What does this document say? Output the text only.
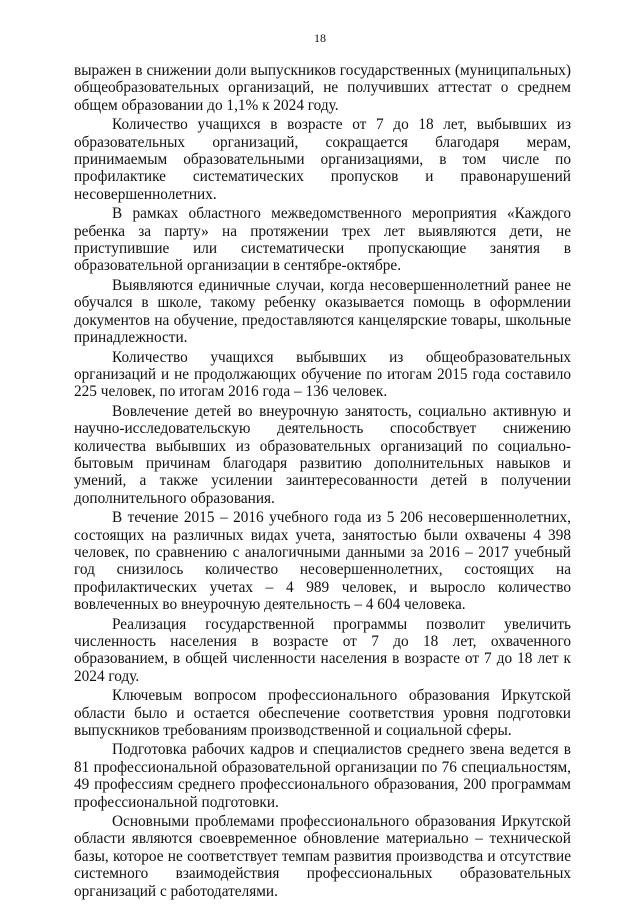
18

выражен в снижении доли выпускников государственных (муниципальных) общеобразовательных организаций, не получивших аттестат о среднем общем образовании до 1,1% к 2024 году.

Количество учащихся в возрасте от 7 до 18 лет, выбывших из образовательных организаций, сокращается благодаря мерам, принимаемым образовательными организациями, в том числе по профилактике систематических пропусков и правонарушений несовершеннолетних.

В рамках областного межведомственного мероприятия «Каждого ребенка за парту» на протяжении трех лет выявляются дети, не приступившие или систематически пропускающие занятия в образовательной организации в сентябре-октябре.

Выявляются единичные случаи, когда несовершеннолетний ранее не обучался в школе, такому ребенку оказывается помощь в оформлении документов на обучение, предоставляются канцелярские товары, школьные принадлежности.

Количество учащихся выбывших из общеобразовательных организаций и не продолжающих обучение по итогам 2015 года составило 225 человек, по итогам 2016 года – 136 человек.

Вовлечение детей во внеурочную занятость, социально активную и научно-исследовательскую деятельность способствует снижению количества выбывших из образовательных организаций по социально-бытовым причинам благодаря развитию дополнительных навыков и умений, а также усилении заинтересованности детей в получении дополнительного образования.

В течение 2015 – 2016 учебного года из 5 206 несовершеннолетних, состоящих на различных видах учета, занятостью были охвачены 4 398 человек, по сравнению с аналогичными данными за 2016 – 2017 учебный год снизилось количество несовершеннолетних, состоящих на профилактических учетах – 4 989 человек, и выросло количество вовлеченных во внеурочную деятельность – 4 604 человека.

Реализация государственной программы позволит увеличить численность населения в возрасте от 7 до 18 лет, охваченного образованием, в общей численности населения в возрасте от 7 до 18 лет к 2024 году.

Ключевым вопросом профессионального образования Иркутской области было и остается обеспечение соответствия уровня подготовки выпускников требованиям производственной и социальной сферы.

Подготовка рабочих кадров и специалистов среднего звена ведется в 81 профессиональной образовательной организации по 76 специальностям, 49 профессиям среднего профессионального образования, 200 программам профессиональной подготовки.

Основными проблемами профессионального образования Иркутской области являются своевременное обновление материально – технической базы, которое не соответствует темпам развития производства и отсутствие системного взаимодействия профессиональных образовательных организаций с работодателями.
